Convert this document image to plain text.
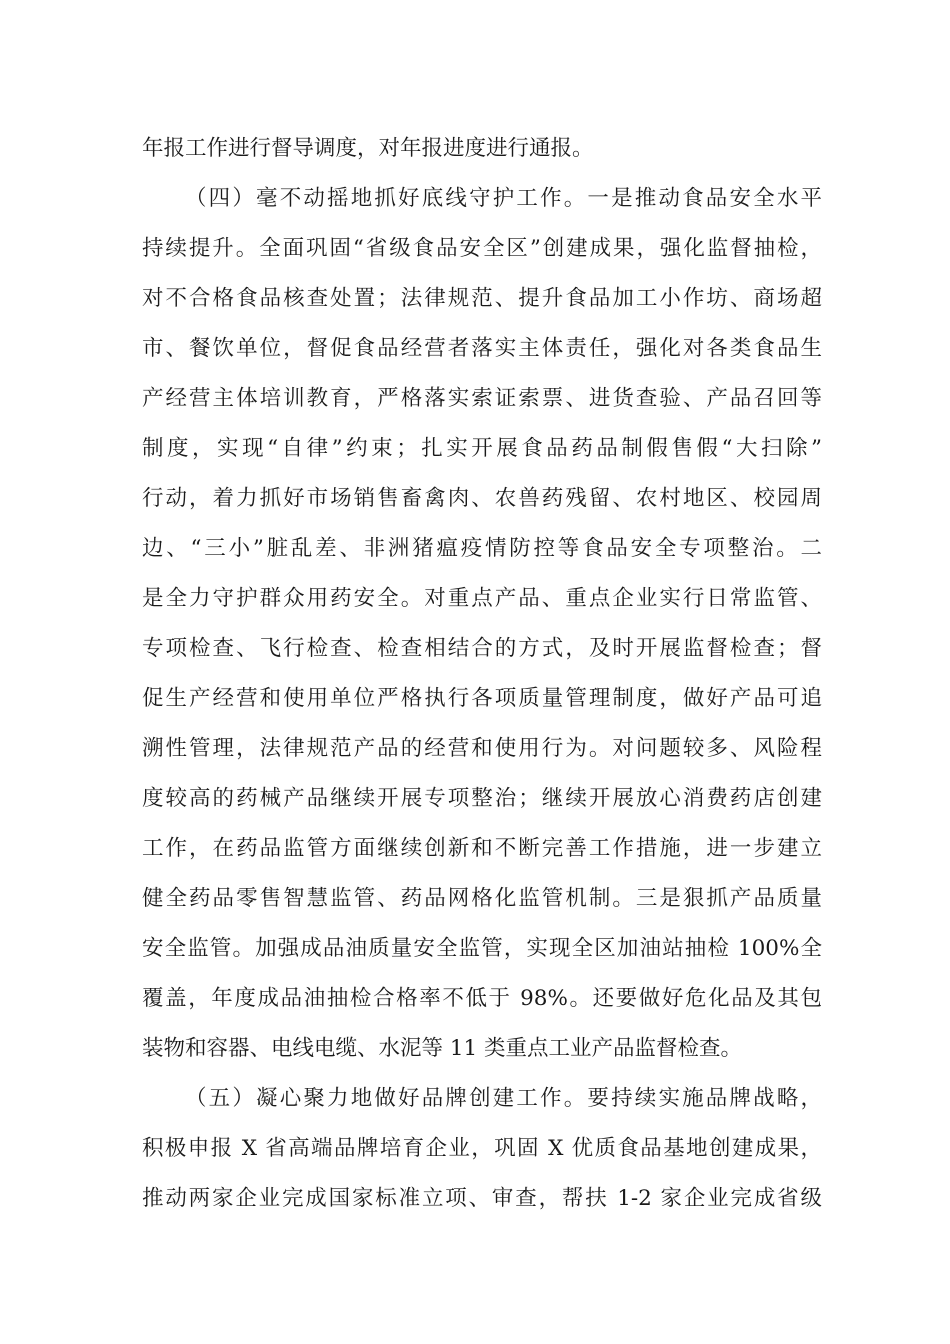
年报工作进行督导调度，对年报进度进行通报。
（四）毫不动摇地抓好底线守护工作。一是推动食品安全水平
持续提升。全面巩固“省级食品安全区”创建成果，强化监督抽检，
对不合格食品核查处置；法律规范、提升食品加工小作坊、商场超
市、餐饮单位，督促食品经营者落实主体责任，强化对各类食品生
产经营主体培训教育，严格落实索证索票、进货查验、产品召回等
制度，实现“自律”约束；扎实开展食品药品制假售假“大扫除”
行动，着力抓好市场销售畜禽肉、农兽药残留、农村地区、校园周
边、“三小”脏乱差、非洲猪瘟疫情防控等食品安全专项整治。二
是全力守护群众用药安全。对重点产品、重点企业实行日常监管、
专项检查、飞行检查、检查相结合的方式，及时开展监督检查；督
促生产经营和使用单位严格执行各项质量管理制度，做好产品可追
溯性管理，法律规范产品的经营和使用行为。对问题较多、风险程
度较高的药械产品继续开展专项整治；继续开展放心消费药店创建
工作，在药品监管方面继续创新和不断完善工作措施，进一步建立
健全药品零售智慧监管、药品网格化监管机制。三是狠抓产品质量
安全监管。加强成品油质量安全监管，实现全区加油站抽检 100%全
覆盖，年度成品油抽检合格率不低于 98%。还要做好危化品及其包
装物和容器、电线电缆、水泥等 11 类重点工业产品监督检查。
（五）凝心聚力地做好品牌创建工作。要持续实施品牌战略，
积极申报 X 省高端品牌培育企业，巩固 X 优质食品基地创建成果，
推动两家企业完成国家标准立项、审查，帮扶 1-2 家企业完成省级
